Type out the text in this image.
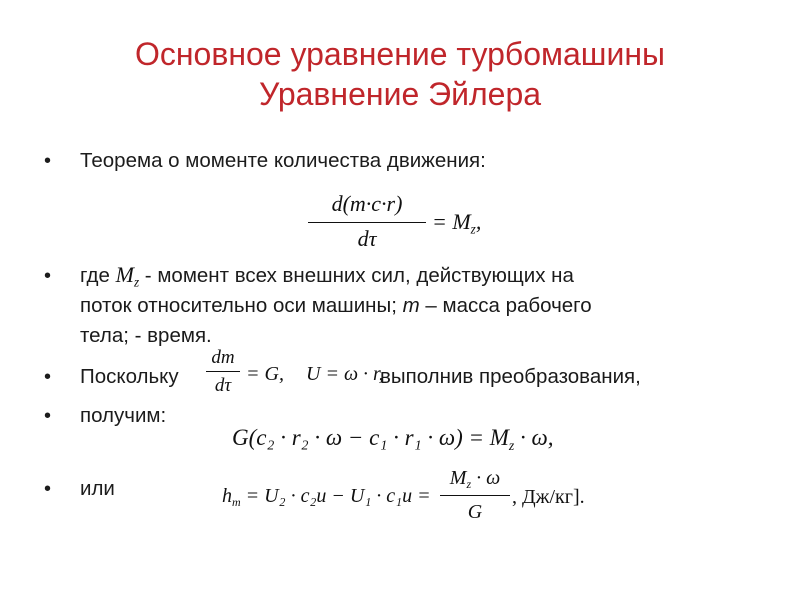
Основное уравнение турбомашины
Уравнение Эйлера
• Теорема о моменте количества движения:
d(m·c·r)
dτ
= $M_z$,
• где $M_z$ - момент всех внешних сил, действующих на
поток относительно оси машины; m – масса рабочего
тела; - время.
• Поскольку
dm
dτ
= G, U = ω · r,
выполнив преобразования,
• получим:
$G(c_2 \cdot r_2 \cdot \omega - c_1 \cdot r_1 \cdot \omega) = M_z \cdot \omega$,
• или	$h_т = U_2 \cdot c_2u - U_1 \cdot c_1u$ =
$M_z \cdot \omega$
G
, Дж/кг].
